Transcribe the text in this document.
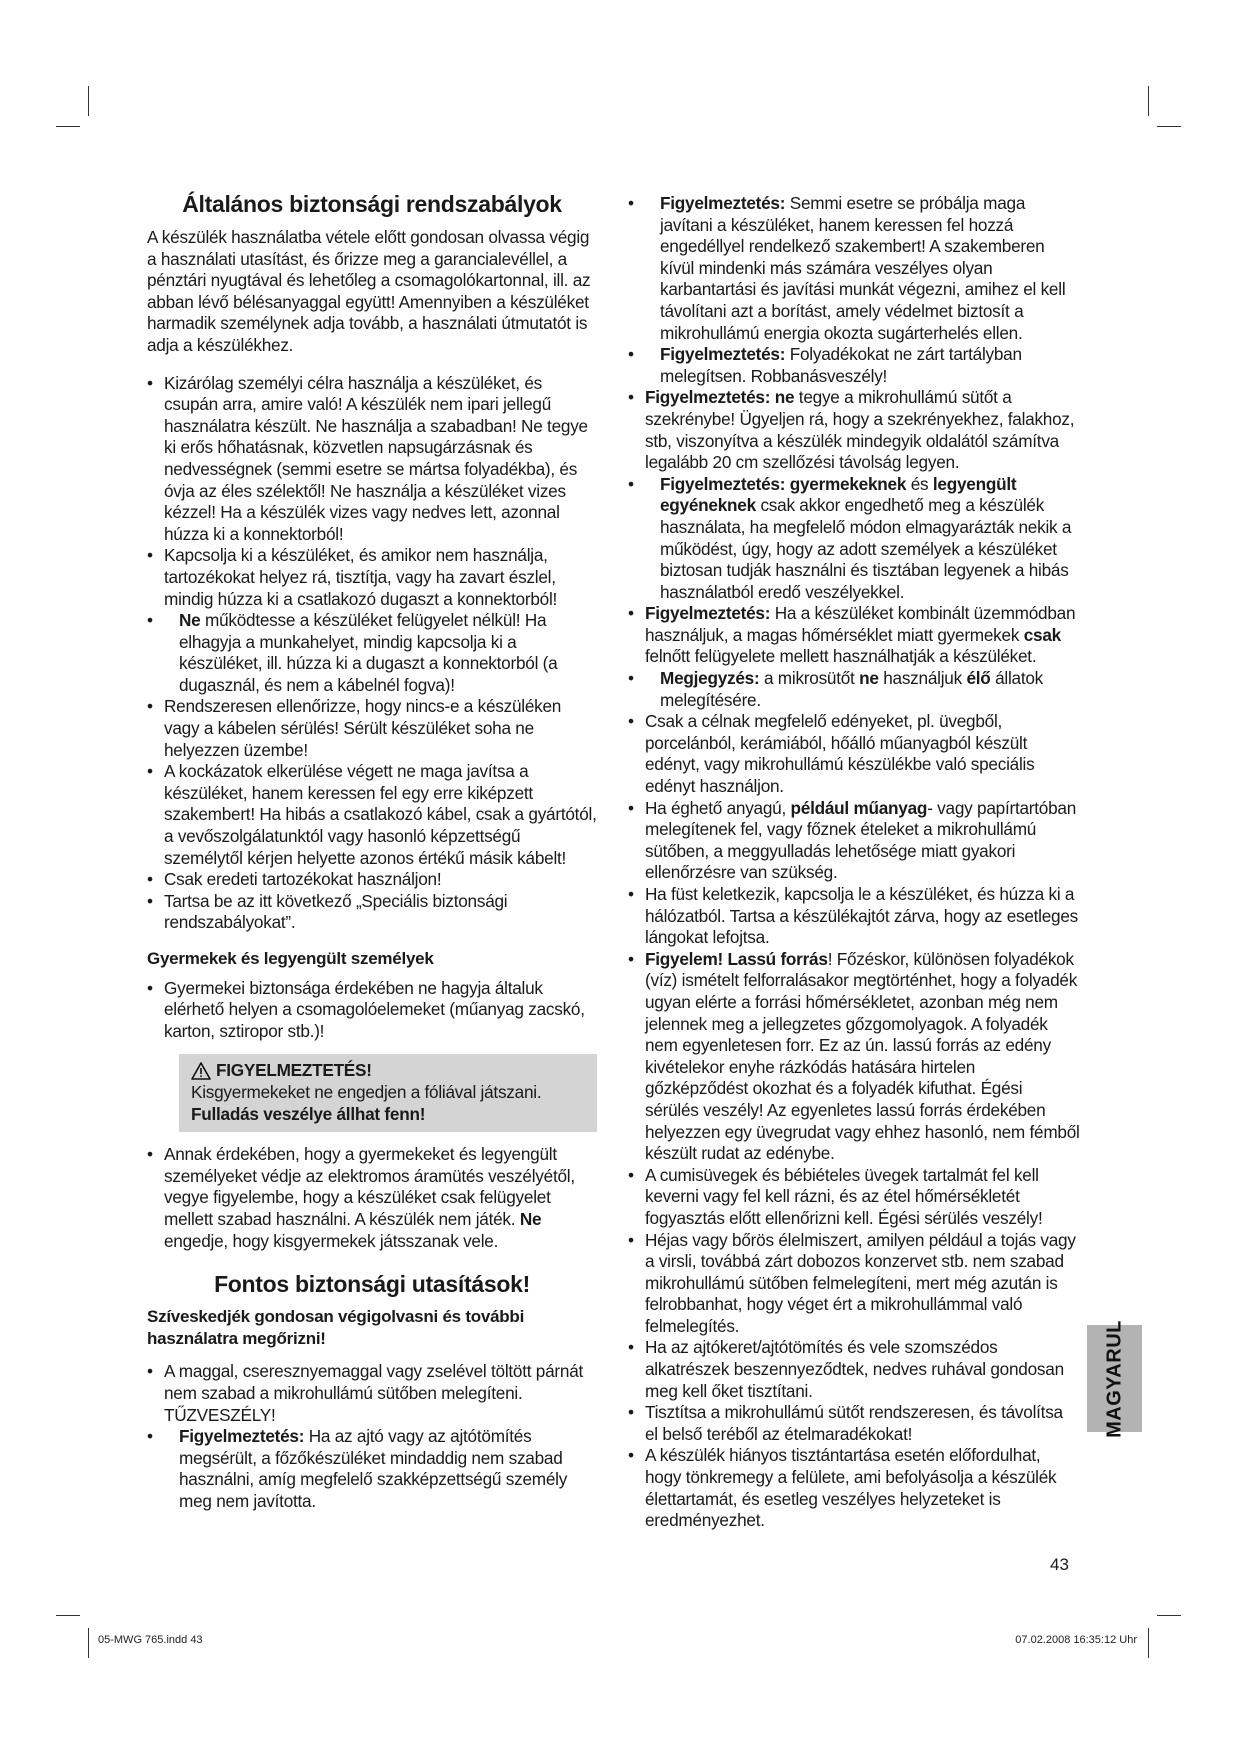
Általános biztonsági rendszabályok

A készülék használatba vétele előtt gondosan olvassa végig a használati utasítást, és őrizze meg a garancialevéllel, a pénztári nyugtával és lehetőleg a csomagolókartonnal, ill. az abban lévő bélésanyaggal együtt! Amennyiben a készüléket harmadik személynek adja tovább, a használati útmutatót is adja a készülékhez.

• Kizárólag személyi célra használja a készüléket, és csupán arra, amire való! A készülék nem ipari jellegű használatra készült. Ne használja a szabadban! Ne tegye ki erős hőhatásnak, közvetlen napsugárzásnak és nedvességnek (semmi esetre se mártsa folyadékba), és óvja az éles szélektől! Ne használja a készüléket vizes kézzel! Ha a készülék vizes vagy nedves lett, azonnal húzza ki a konnektorból!
• Kapcsolja ki a készüléket, és amikor nem használja, tartozékokat helyez rá, tisztítja, vagy ha zavart észlel, mindig húzza ki a csatlakozó dugaszt a konnektorból!
• Ne működtesse a készüléket felügyelet nélkül! Ha elhagyja a munkahelyet, mindig kapcsolja ki a készüléket, ill. húzza ki a dugaszt a konnektorból (a dugasznál, és nem a kábelnél fogva)!
• Rendszeresen ellenőrizze, hogy nincs-e a készüléken vagy a kábelen sérülés! Sérült készüléket soha ne helyezzen üzembe!
• A kockázatok elkerülése végett ne maga javítsa a készüléket, hanem keressen fel egy erre kiképzett szakembert! Ha hibás a csatlakozó kábel, csak a gyártótól, a vevőszolgálatunktól vagy hasonló képzettségű személytől kérjen helyette azonos értékű másik kábelt!
• Csak eredeti tartozékokat használjon!
• Tartsa be az itt következő „Speciális biztonsági rendszabályokat”.
Gyermekek és legyengült személyek
• Gyermekei biztonsága érdekében ne hagyja általuk elérhető helyen a csomagolóelemeket (műanyag zacskó, karton, sztiropor stb.)!
FIGYELMEZTETÉS!
Kisgyermekeket ne engedjen a fóliával játszani. Fulladás veszélye állhat fenn!
• Annak érdekében, hogy a gyermekeket és legyengült személyeket védje az elektromos áramütés veszélyétől, vegye figyelembe, hogy a készüléket csak felügyelet mellett szabad használni. A készülék nem játék. Ne engedje, hogy kisgyermekek játsszanak vele.
Fontos biztonsági utasítások!
Szíveskedjék gondosan végigolvasni és további használatra megőrizni!
• A maggal, cseresznyemaggal vagy zselével töltött párnát nem szabad a mikrohullámú sütőben melegíteni. TŰZVESZÉLY!
• Figyelmeztetés: Ha az ajtó vagy az ajtótömítés megsérült, a főzőkészüléket mindaddig nem szabad használni, amíg megfelelő szakképzettségű személy meg nem javította.
• Figyelmeztetés: Semmi esetre se próbálja maga javítani a készüléket, hanem keressen fel hozzá engedéllyel rendelkező szakembert! A szakemberen kívül mindenki más számára veszélyes olyan karbantartási és javítási munkát végezni, amihez el kell távolítani azt a borítást, amely védelmet biztosít a mikrohullámú energia okozta sugárterhelés ellen.
• Figyelmeztetés: Folyadékokat ne zárt tartályban melegítsen. Robbanásveszély!
• Figyelmeztetés: ne tegye a mikrohullámú sütőt a szekrénybe! Ügyeljen rá, hogy a szekrényekhez, falakhoz, stb, viszonyítva a készülék mindegyik oldalától számítva legalább 20 cm szellőzési távolság legyen.
• Figyelmeztetés: gyermekeknek és legyengült egyéneknek csak akkor engedhető meg a készülék használata, ha megfelelő módon elmagyarázták nekik a működést, úgy, hogy az adott személyek a készüléket biztosan tudják használni és tisztában legyenek a hibás használatból eredő veszélyekkel.
• Figyelmeztetés: Ha a készüléket kombinált üzemmódban használjuk, a magas hőmérséklet miatt gyermekek csak felnőtt felügyelete mellett használhatják a készüléket.
• Megjegyzés: a mikrosütőt ne használjuk élő állatok melegítésére.
• Csak a célnak megfelelő edényeket, pl. üvegből, porcelánból, kerámiából, hőálló műanyagból készült edényt, vagy mikrohullámú készülékbe való speciális edényt használjon.
• Ha éghető anyagú, például műanyag- vagy papírtartóban melegítenek fel, vagy főznek ételeket a mikrohullámú sütőben, a meggyulladás lehetősége miatt gyakori ellenőrzésre van szükség.
• Ha füst keletkezik, kapcsolja le a készüléket, és húzza ki a hálózatból. Tartsa a készülékajtót zárva, hogy az esetleges lángokat lefojtsa.
• Figyelem! Lassú forrás! Főzéskor, különösen folyadékok (víz) ismételt felforralásakor megtörténhet, hogy a folyadék ugyan elérte a forrási hőmérsékletet, azonban még nem jelennek meg a jellegzetes gőzgomolyagok. A folyadék nem egyenletesen forr. Ez az ún. lassú forrás az edény kivételekor enyhe rázkódás hatására hirtelen gőzképződést okozhat és a folyadék kifuthat. Égési sérülés veszély! Az egyenletes lassú forrás érdekében helyezzen egy üvegrudat vagy ehhez hasonló, nem fémből készült rudat az edénybe.
• A cumisüvegek és bébiételes üvegek tartalmát fel kell keverni vagy fel kell rázni, és az étel hőmérsékletét fogyasztás előtt ellenőrizni kell. Égési sérülés veszély!
• Héjas vagy bőrös élelmiszert, amilyen például a tojás vagy a virsli, továbbá zárt dobozos konzervet stb. nem szabad mikrohullámú sütőben felmelegíteni, mert még azután is felrobbanhat, hogy véget ért a mikrohullámmal való felmelegítés.
• Ha az ajtókeret/ajtótömítés és vele szomszédos alkatrészek beszennyeződtek, nedves ruhával gondosan meg kell őket tisztítani.
• Tisztítsa a mikrohullámú sütőt rendszeresen, és távolítsa el belső teréből az ételmaradékokat!
• A készülék hiányos tisztántartása esetén előfordulhat, hogy tönkremegy a felülete, ami befolyásolja a készülék élettartamát, és esetleg veszélyes helyzeteket is eredményezhet.
MAGYARUL
43
05-MWG 765.indd 43	07.02.2008 16:35:12 Uhr
